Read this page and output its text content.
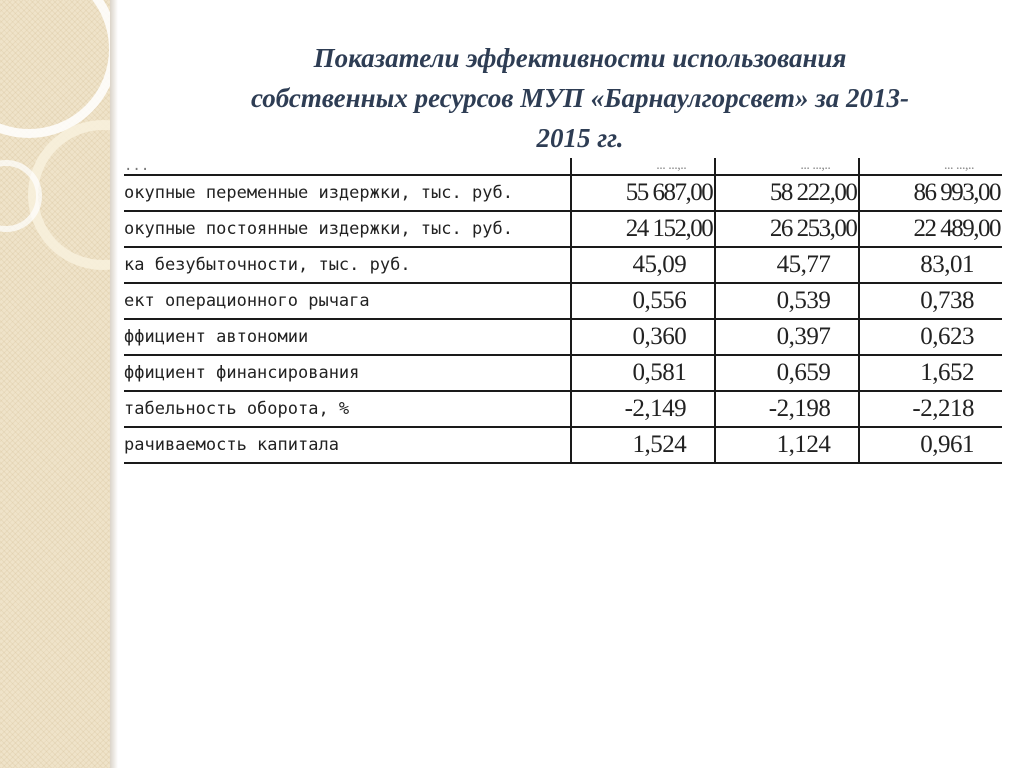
Показатели эффективности использования
собственных ресурсов МУП «Барнаулгорсвет» за 2013-
2015 гг.
...	... ...,..	... ...,..	... ...,..
окупные переменные издержки, тыс. руб.	55 687,00	58 222,00	86 993,00
окупные постоянные издержки, тыс. руб.	24 152,00	26 253,00	22 489,00
ка безубыточности, тыс. руб.	45,09	45,77	83,01
ект операционного рычага	0,556	0,539	0,738
ффициент автономии	0,360	0,397	0,623
ффициент финансирования	0,581	0,659	1,652
табельность оборота, %	-2,149	-2,198	-2,218
рачиваемость капитала	1,524	1,124	0,961
